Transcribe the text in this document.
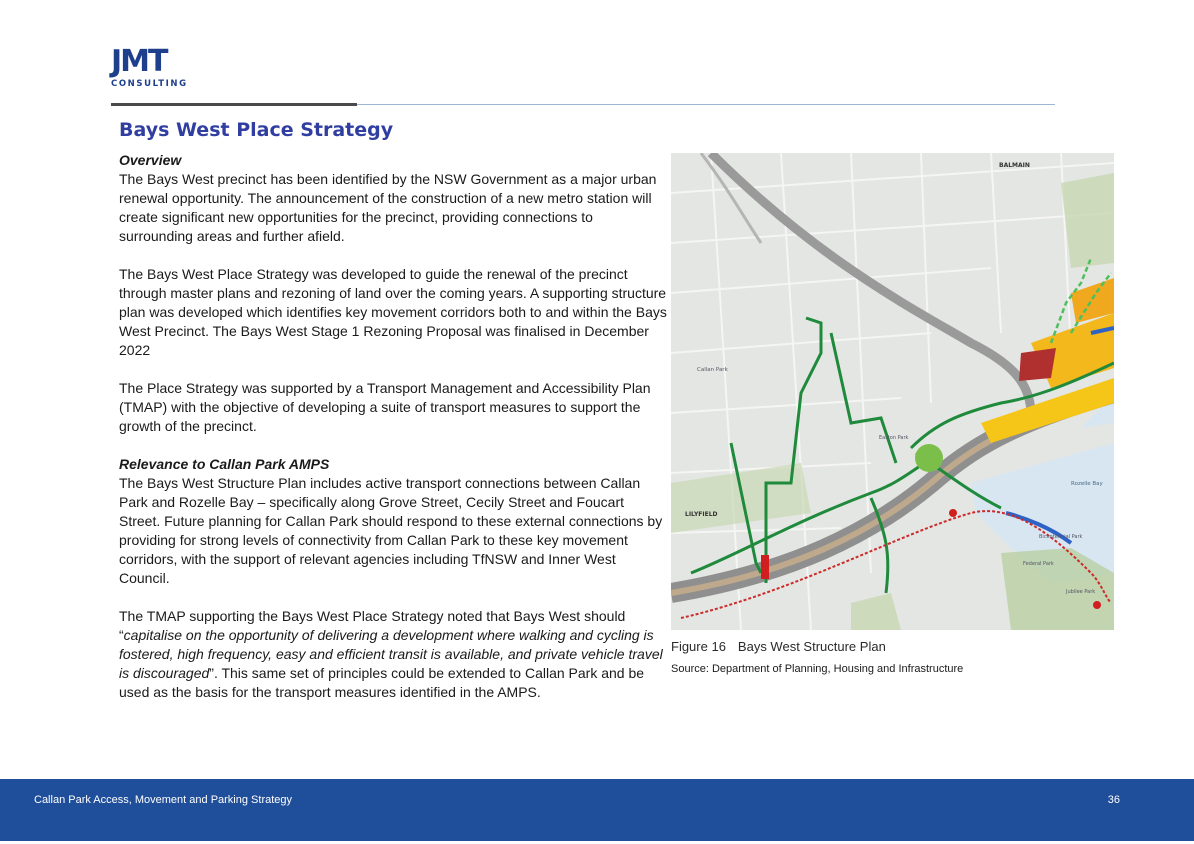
JMT
CONSULTING
Bays West Place Strategy
Overview

The Bays West precinct has been identified by the NSW Government as a major urban renewal opportunity. The announcement of the construction of a new metro station will create significant new opportunities for the precinct, providing connections to surrounding areas and further afield.

The Bays West Place Strategy was developed to guide the renewal of the precinct through master plans and rezoning of land over the coming years. A supporting structure plan was developed which identifies key movement corridors both to and within the Bays West Precinct. The Bays West Stage 1 Rezoning Proposal was finalised in December 2022

The Place Strategy was supported by a Transport Management and Accessibility Plan (TMAP) with the objective of developing a suite of transport measures to support the growth of the precinct.

Relevance to Callan Park AMPS

The Bays West Structure Plan includes active transport connections between Callan Park and Rozelle Bay – specifically along Grove Street, Cecily Street and Foucart Street. Future planning for Callan Park should respond to these external connections by providing for strong levels of connectivity from Callan Park to these key movement corridors, with the support of relevant agencies including TfNSW and Inner West Council.

The TMAP supporting the Bays West Place Strategy noted that Bays West should “capitalise on the opportunity of delivering a development where walking and cycling is fostered, high frequency, easy and efficient transit is available, and private vehicle travel is discouraged”. This same set of principles could be extended to Callan Park and be used as the basis for the transport measures identified in the AMPS.

BALMAIN
Callan Park
LILYFIELD
Easton Park
Rozelle Bay
Bicentennial Park
Federal Park
Jubilee Park
Figure 16 Bays West Structure Plan
Source: Department of Planning, Housing and Infrastructure
Callan Park Access, Movement and Parking Strategy	36
